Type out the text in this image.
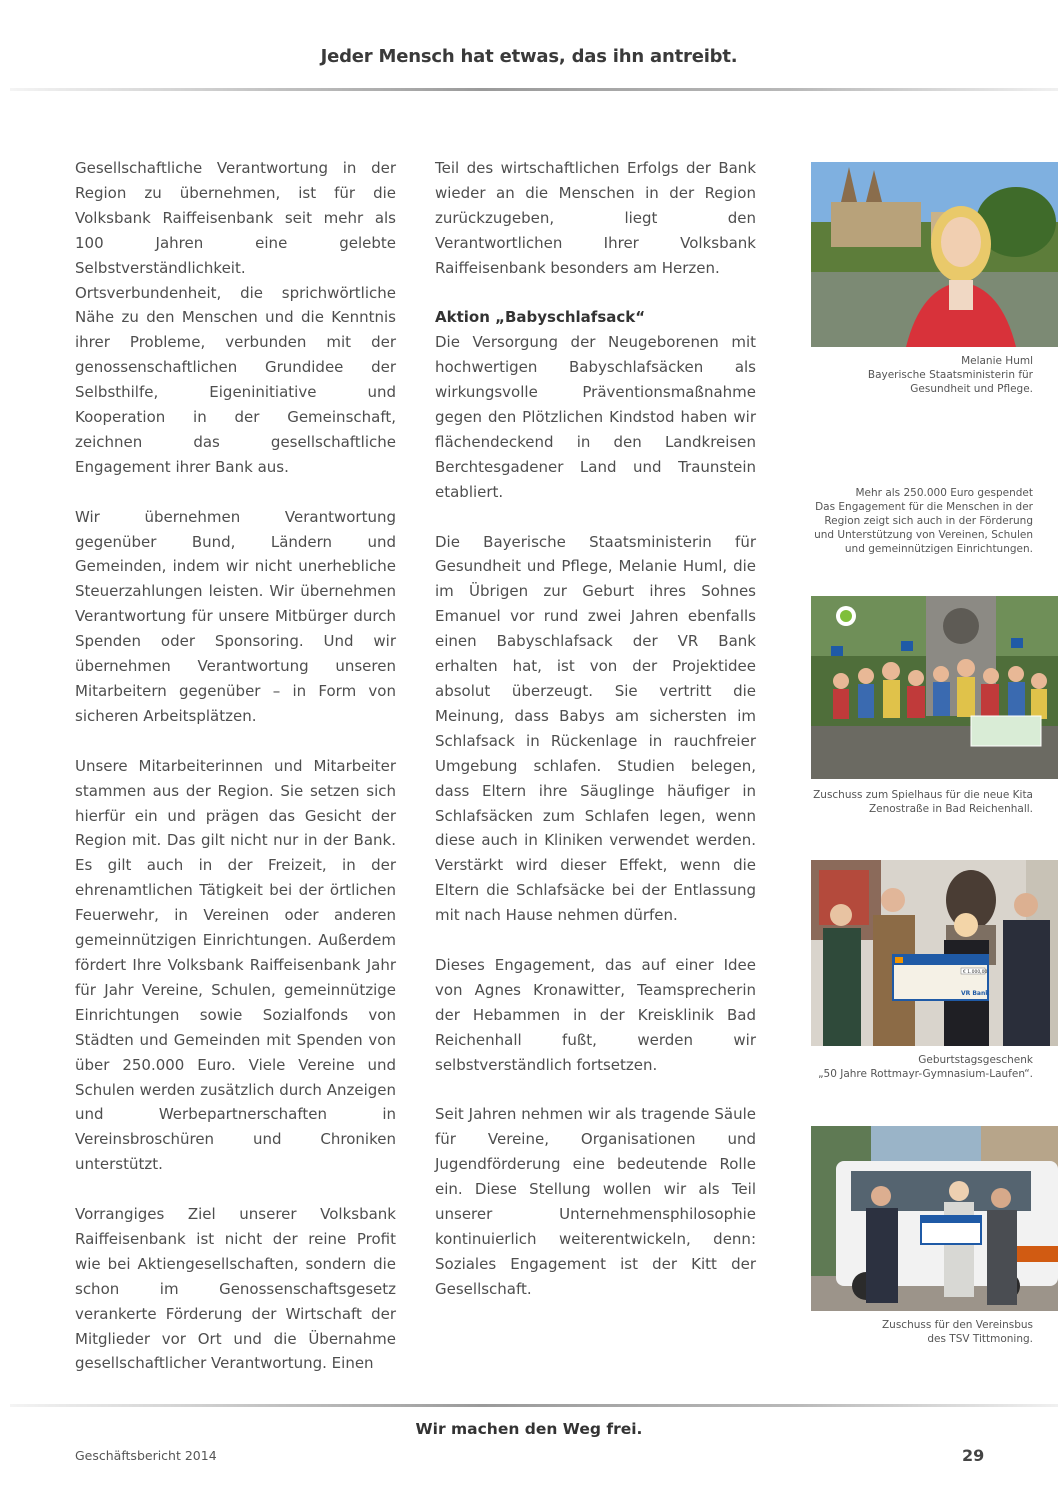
Jeder Mensch hat etwas, das ihn antreibt.

Gesellschaftliche Verantwortung in der Region zu übernehmen, ist für die Volksbank Raiffeisenbank seit mehr als 100 Jahren eine gelebte Selbstverständlichkeit. Ortsverbundenheit, die sprichwörtliche Nähe zu den Menschen und die Kenntnis ihrer Probleme, verbunden mit der genossenschaftlichen Grundidee der Selbsthilfe, Eigeninitiative und Kooperation in der Gemeinschaft, zeichnen das gesellschaftliche Engagement ihrer Bank aus.

Wir übernehmen Verantwortung gegenüber Bund, Ländern und Gemeinden, indem wir nicht unerhebliche Steuerzahlungen leisten. Wir übernehmen Verantwortung für unsere Mitbürger durch Spenden oder Sponsoring. Und wir übernehmen Verantwortung unseren Mitarbeitern gegenüber – in Form von sicheren Arbeitsplätzen.

Unsere Mitarbeiterinnen und Mitarbeiter stammen aus der Region. Sie setzen sich hierfür ein und prägen das Gesicht der Region mit. Das gilt nicht nur in der Bank. Es gilt auch in der Freizeit, in der ehrenamtlichen Tätigkeit bei der örtlichen Feuerwehr, in Vereinen oder anderen gemeinnützigen Einrichtungen. Außerdem fördert Ihre Volksbank Raiffeisenbank Jahr für Jahr Vereine, Schulen, gemeinnützige Einrichtungen sowie Sozialfonds von Städten und Gemeinden mit Spenden von über 250.000 Euro. Viele Vereine und Schulen werden zusätzlich durch Anzeigen und Werbepartnerschaften in Vereinsbroschüren und Chroniken unterstützt.

Vorrangiges Ziel unserer Volksbank Raiffeisenbank ist nicht der reine Profit wie bei Aktiengesellschaften, sondern die schon im Genossenschaftsgesetz verankerte Förderung der Wirtschaft der Mitglieder vor Ort und die Übernahme gesellschaftlicher Verantwortung. Einen

Teil des wirtschaftlichen Erfolgs der Bank wieder an die Menschen in der Region zurückzugeben, liegt den Verantwortlichen Ihrer Volksbank Raiffeisenbank besonders am Herzen.

Aktion „Babyschlafsack“

Die Versorgung der Neugeborenen mit hochwertigen Babyschlafsäcken als wirkungsvolle Präventionsmaßnahme gegen den Plötzlichen Kindstod haben wir flächendeckend in den Landkreisen Berchtesgadener Land und Traunstein etabliert.

Die Bayerische Staatsministerin für Gesundheit und Pflege, Melanie Huml, die im Übrigen zur Geburt ihres Sohnes Emanuel vor rund zwei Jahren ebenfalls einen Babyschlafsack der VR Bank erhalten hat, ist von der Projektidee absolut überzeugt. Sie vertritt die Meinung, dass Babys am sichersten im Schlafsack in Rückenlage in rauchfreier Umgebung schlafen. Studien belegen, dass Eltern ihre Säuglinge häufiger in Schlafsäcken zum Schlafen legen, wenn diese auch in Kliniken verwendet werden. Verstärkt wird dieser Effekt, wenn die Eltern die Schlafsäcke bei der Entlassung mit nach Hause nehmen dürfen.

Dieses Engagement, das auf einer Idee von Agnes Kronawitter, Teamsprecherin der Hebammen in der Kreisklinik Bad Reichenhall fußt, werden wir selbstverständlich fortsetzen.

Seit Jahren nehmen wir als tragende Säule für Vereine, Organisationen und Jugendförderung eine bedeutende Rolle ein. Diese Stellung wollen wir als Teil unserer Unternehmensphilosophie kontinuierlich weiterentwickeln, denn: Soziales Engagement ist der Kitt der Gesellschaft.

Melanie Huml
Bayerische Staatsministerin für
Gesundheit und Pflege.
Mehr als 250.000 Euro gespendet
Das Engagement für die Menschen in der
Region zeigt sich auch in der Förderung
und Unterstützung von Vereinen, Schulen
und gemeinnützigen Einrichtungen.
Zuschuss zum Spielhaus für die neue Kita
Zenostraße in Bad Reichenhall.
€ 1.000,00
VR Bank
Geburtstagsgeschenk
„50 Jahre Rottmayr-Gymnasium-Laufen“.
Zuschuss für den Vereinsbus
des TSV Tittmoning.
Wir machen den Weg frei.
Geschäftsbericht 2014	29
